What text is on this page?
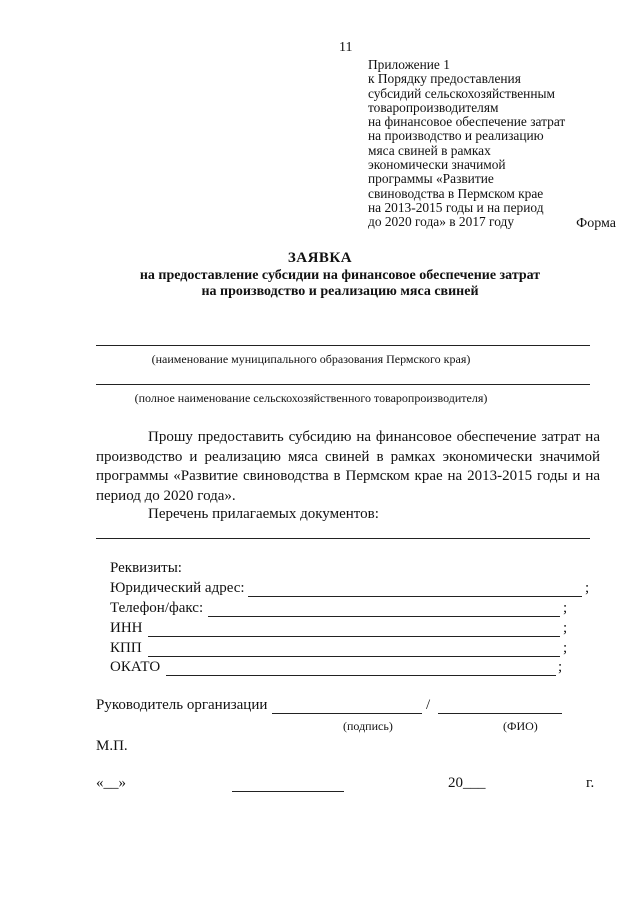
11
Приложение 1
к Порядку предоставления
субсидий сельскохозяйственным
товаропроизводителям
на финансовое обеспечение затрат
на производство и реализацию
мяса свиней в рамках
экономически значимой
программы «Развитие
свиноводства в Пермском крае
на 2013-2015 годы и на период
до 2020 года» в 2017 году	Форма
ЗАЯВКА
на предоставление субсидии на финансовое обеспечение затрат
на производство и реализацию мяса свиней
(наименование муниципального образования Пермского края)
(полное наименование сельскохозяйственного товаропроизводителя)
Прошу предоставить субсидию на финансовое обеспечение затрат на производство и реализацию мяса свиней в рамках экономически значимой программы «Развитие свиноводства в Пермском крае на 2013-2015 годы и на период до 2020 года».
Перечень прилагаемых документов:
Реквизиты:
Юридический адрес:	;
Телефон/факс:	;
ИНН	;
КПП	;
ОКАТО	;
Руководитель организации	/
(подпись)	(ФИО)
М.П.
«__»	20___	г.
